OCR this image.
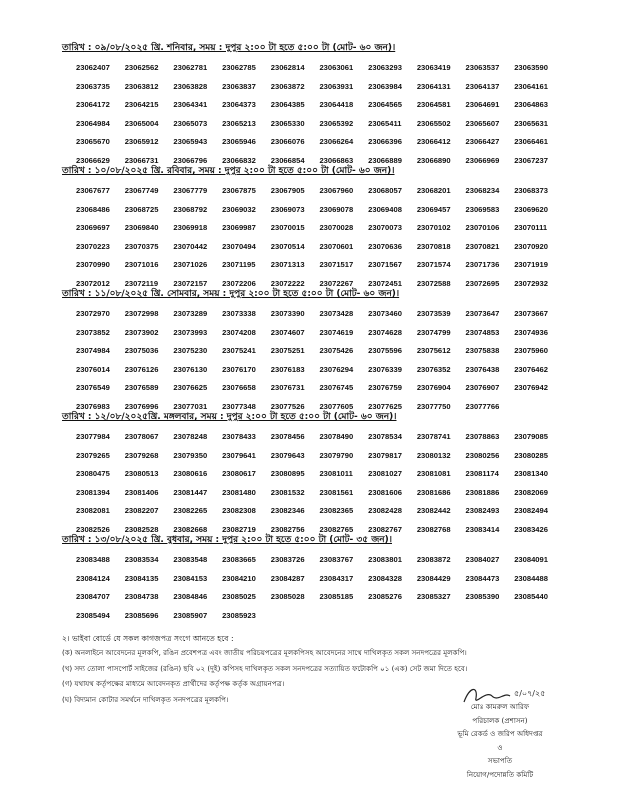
তারিখ : ০৯/০৮/২০২৫ খ্রি. শনিবার, সময় : দুপুর ২:০০ টা হতে ৫:০০ টা (মোট- ৬০ জন)।
23062407	23062562	23062781	23062785	23062814	23063061	23063293	23063419	23063537	23063590
23063735	23063812	23063828	23063837	23063872	23063931	23063984	23064131	23064137	23064161
23064172	23064215	23064341	23064373	23064385	23064418	23064565	23064581	23064691	23064863
23064984	23065004	23065073	23065213	23065330	23065392	23065411	23065502	23065607	23065631
23065670	23065912	23065943	23065946	23066076	23066264	23066396	23066412	23066427	23066461
23066629	23066731	23066796	23066832	23066854	23066863	23066889	23066890	23066969	23067237
তারিখ : ১০/০৮/২০২৫ খ্রি. রবিবার, সময় : দুপুর ২:০০ টা হতে ৫:০০ টা (মোট- ৬০ জন)।
23067677	23067749	23067779	23067875	23067905	23067960	23068057	23068201	23068234	23068373
23068486	23068725	23068792	23069032	23069073	23069078	23069408	23069457	23069583	23069620
23069697	23069840	23069918	23069987	23070015	23070028	23070073	23070102	23070106	23070111
23070223	23070375	23070442	23070494	23070514	23070601	23070636	23070818	23070821	23070920
23070990	23071016	23071026	23071195	23071313	23071517	23071567	23071574	23071736	23071919
23072012	23072119	23072157	23072206	23072222	23072267	23072451	23072588	23072695	23072932
তারিখ : ১১/০৮/২০২৫ খ্রি. সোমবার, সময় : দুপুর ২:০০ টা হতে ৫:০০ টা (মোট- ৬০ জন)।
23072970	23072998	23073289	23073338	23073390	23073428	23073460	23073539	23073647	23073667
23073852	23073902	23073993	23074208	23074607	23074619	23074628	23074799	23074853	23074936
23074984	23075036	23075230	23075241	23075251	23075426	23075596	23075612	23075838	23075960
23076014	23076126	23076130	23076170	23076183	23076294	23076339	23076352	23076438	23076462
23076549	23076589	23076625	23076658	23076731	23076745	23076759	23076904	23076907	23076942
23076983	23076996	23077031	23077348	23077526	23077605	23077625	23077750	23077766
তারিখ : ১২/০৮/২০২৫খ্রি. মঙ্গলবার, সময় : দুপুর ২:০০ টা হতে ৫:০০ টা (মোট- ৬০ জন)।
23077984	23078067	23078248	23078433	23078456	23078490	23078534	23078741	23078863	23079085
23079265	23079268	23079350	23079641	23079643	23079790	23079817	23080132	23080256	23080285
23080475	23080513	23080616	23080617	23080895	23081011	23081027	23081081	23081174	23081340
23081394	23081406	23081447	23081480	23081532	23081561	23081606	23081686	23081886	23082069
23082081	23082207	23082265	23082308	23082346	23082365	23082428	23082442	23082493	23082494
23082526	23082528	23082668	23082719	23082756	23082765	23082767	23082768	23083414	23083426
তারিখ : ১৩/০৮/২০২৫ খ্রি. বুধবার, সময় : দুপুর ২:০০ টা হতে ৫:০০ টা (মোট- ৩৫ জন)।
23083488	23083534	23083548	23083665	23083726	23083767	23083801	23083872	23084027	23084091
23084124	23084135	23084153	23084210	23084287	23084317	23084328	23084429	23084473	23084488
23084707	23084738	23084846	23085025	23085028	23085185	23085276	23085327	23085390	23085440
23085494	23085696	23085907	23085923
২। ভাইবা বোর্ডে যে সকল কাগজপত্র সংগে আনতে হবে :
(ক) অনলাইনে আবেদনের মূলকপি, রঙিন প্রবেশপত্র এবং জাতীয় পরিচয়পত্রের মূলকপিসহ আবেদনের সাথে দাখিলকৃত সকল সনদপত্রের মূলকপি।
(খ) সদ্য তোলা পাসপোর্ট সাইজের (রঙিন) ছবি ০২ (দুই) কপিসহ দাখিলকৃত সকল সনদপত্রের সত্যায়িত ফটোকপি ০১ (এক) সেট জমা দিতে হবে।
(গ) যথাযথ কর্তৃপক্ষের মাধ্যমে আবেদনকৃত প্রার্থীদের কর্তৃপক্ষ কর্তৃক অগ্রায়নপত্র।
(ঘ) বিদ্যমান কোটার সমর্থনে দাখিলকৃত সনদপত্রের মূলকপি।
৫/০৭/২৫
মোঃ কামরুল আরিফ
পরিচালক (প্রশাসন)
ভূমি রেকর্ড ও জরিপ অধিদপ্তর
ও
সভাপতি
নিয়োগ/পদোন্নতি কমিটি
